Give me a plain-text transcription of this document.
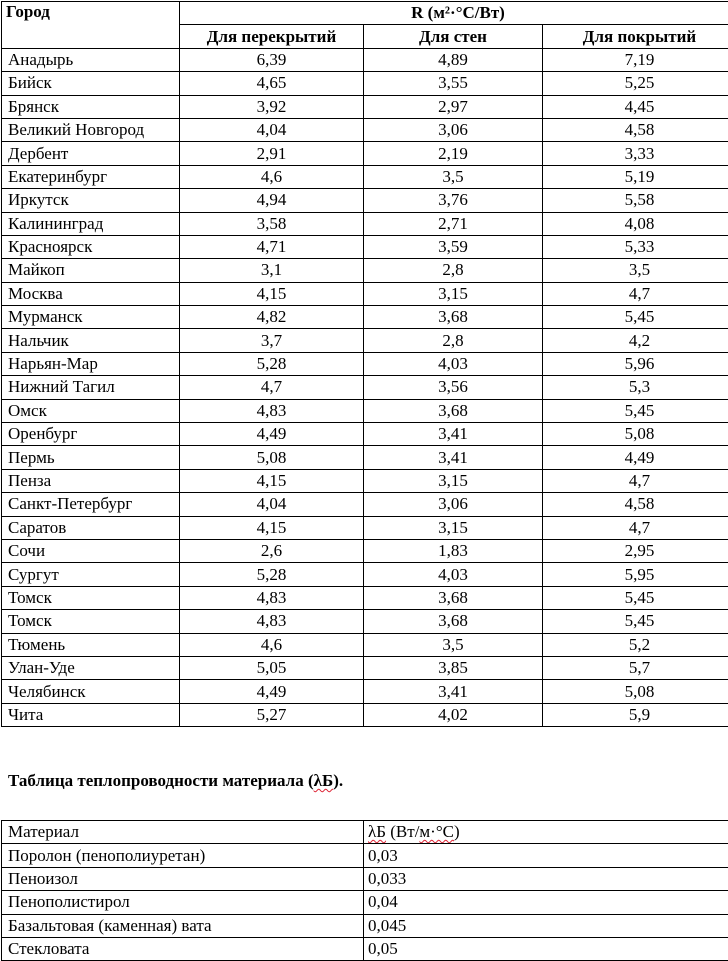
Город	R (м²·°С/Вт)		
	Для перекрытий	Для стен	Для покрытий
Анадырь	6,39	4,89	7,19
Бийск	4,65	3,55	5,25
Брянск	3,92	2,97	4,45
Великий Новгород	4,04	3,06	4,58
Дербент	2,91	2,19	3,33
Екатеринбург	4,6	3,5	5,19
Иркутск	4,94	3,76	5,58
Калининград	3,58	2,71	4,08
Красноярск	4,71	3,59	5,33
Майкоп	3,1	2,8	3,5
Москва	4,15	3,15	4,7
Мурманск	4,82	3,68	5,45
Нальчик	3,7	2,8	4,2
Нарьян-Мар	5,28	4,03	5,96
Нижний Тагил	4,7	3,56	5,3
Омск	4,83	3,68	5,45
Оренбург	4,49	3,41	5,08
Пермь	5,08	3,41	4,49
Пенза	4,15	3,15	4,7
Санкт-Петербург	4,04	3,06	4,58
Саратов	4,15	3,15	4,7
Сочи	2,6	1,83	2,95
Сургут	5,28	4,03	5,95
Томск	4,83	3,68	5,45
Томск	4,83	3,68	5,45
Тюмень	4,6	3,5	5,2
Улан-Уде	5,05	3,85	5,7
Челябинск	4,49	3,41	5,08
Чита	5,27	4,02	5,9
Таблица теплопроводности материала (λБ).
Материал	λБ (Вт/м·°С)
Поролон (пенополиуретан)	0,03
Пеноизол	0,033
Пенополистирол	0,04
Базальтовая (каменная) вата	0,045
Стекловата	0,05
